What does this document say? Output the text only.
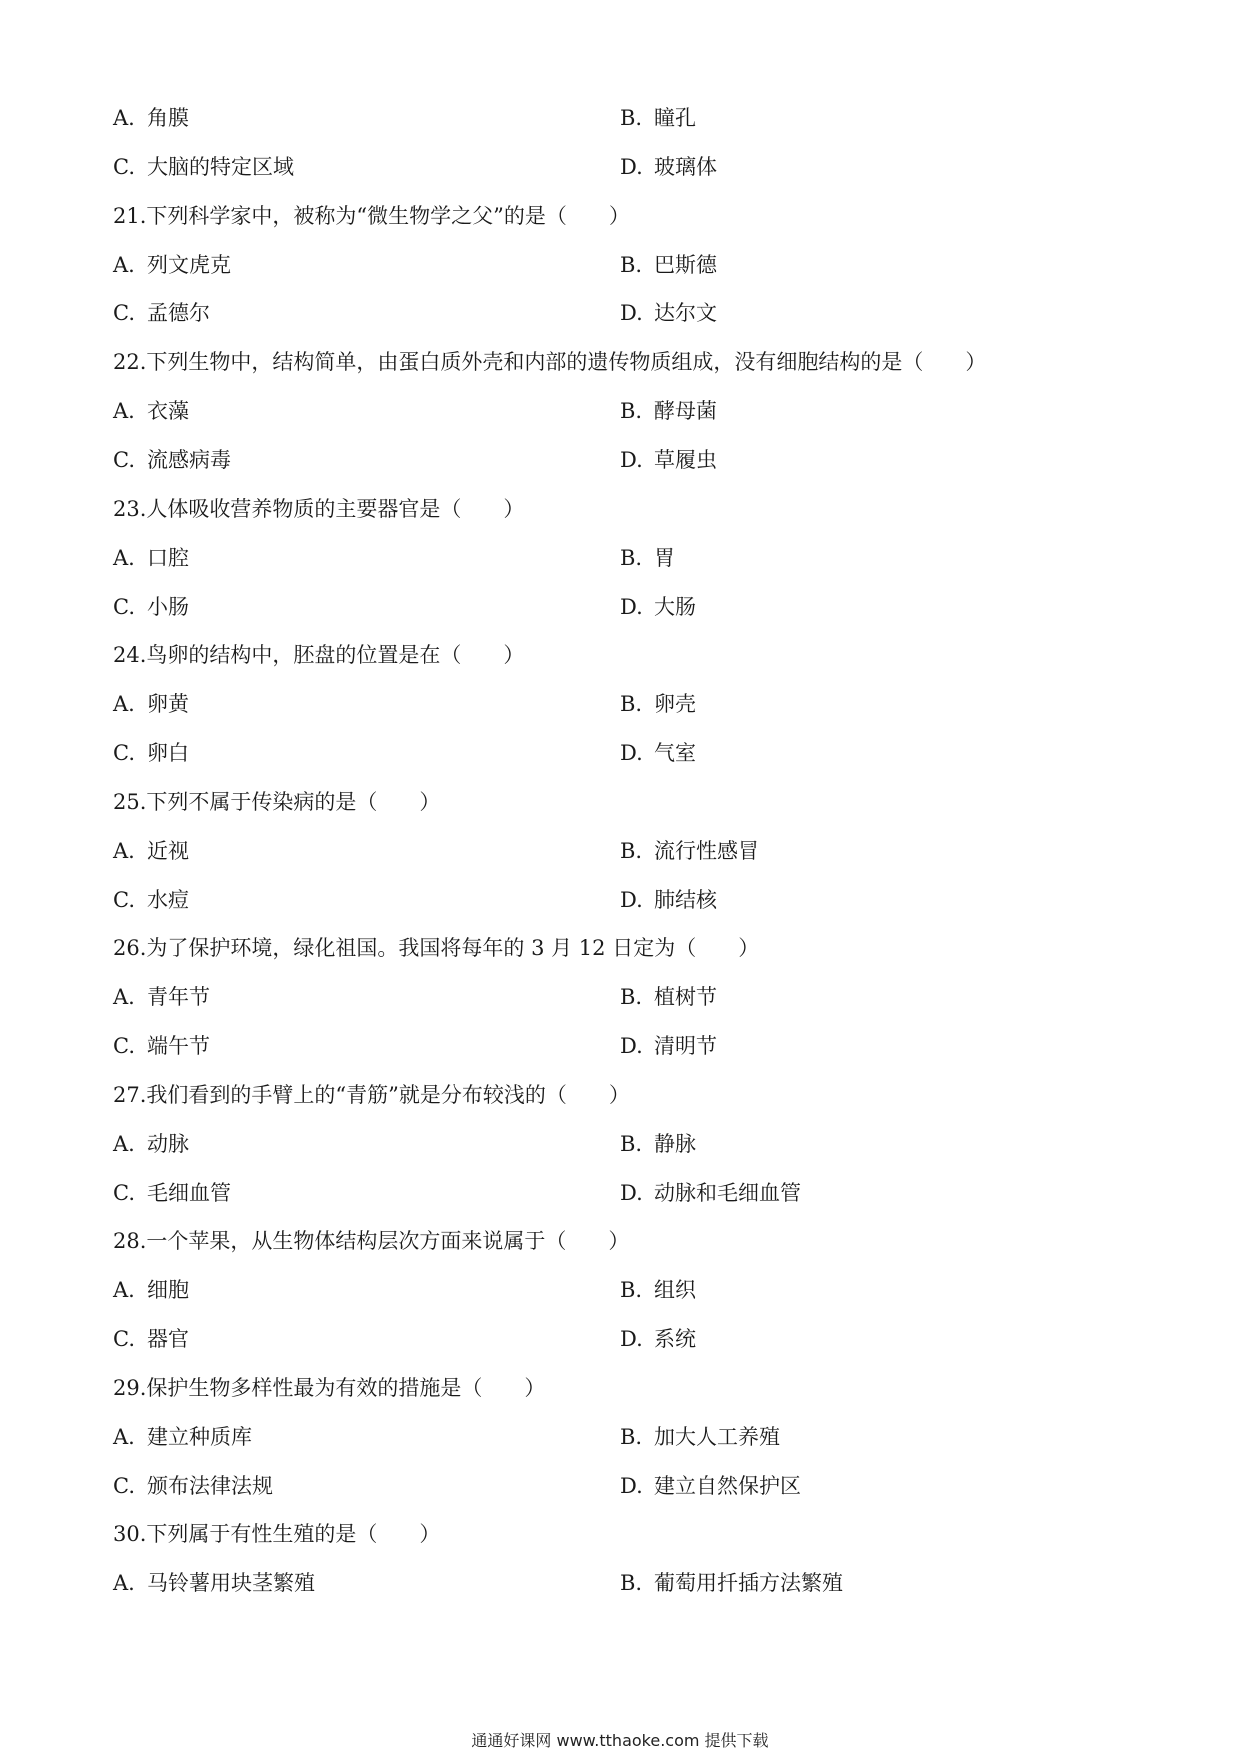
A. 角膜	B. 瞳孔
C. 大脑的特定区域	D. 玻璃体
21.下列科学家中，被称为“微生物学之父”的是（　　）
A. 列文虎克	B. 巴斯德
C. 孟德尔	D. 达尔文
22.下列生物中，结构简单，由蛋白质外壳和内部的遗传物质组成，没有细胞结构的是（　　）
A. 衣藻	B. 酵母菌
C. 流感病毒	D. 草履虫
23.人体吸收营养物质的主要器官是（　　）
A. 口腔	B. 胃
C. 小肠	D. 大肠
24.鸟卵的结构中，胚盘的位置是在（　　）
A. 卵黄	B. 卵壳
C. 卵白	D. 气室
25.下列不属于传染病的是（　　）
A. 近视	B. 流行性感冒
C. 水痘	D. 肺结核
26.为了保护环境，绿化祖国。我国将每年的 3 月 12 日定为（　　）
A. 青年节	B. 植树节
C. 端午节	D. 清明节
27.我们看到的手臂上的“青筋”就是分布较浅的（　　）
A. 动脉	B. 静脉
C. 毛细血管	D. 动脉和毛细血管
28.一个苹果，从生物体结构层次方面来说属于（　　）
A. 细胞	B. 组织
C. 器官	D. 系统
29.保护生物多样性最为有效的措施是（　　）
A. 建立种质库	B. 加大人工养殖
C. 颁布法律法规	D. 建立自然保护区
30.下列属于有性生殖的是（　　）
A. 马铃薯用块茎繁殖	B. 葡萄用扦插方法繁殖
通通好课网 www.tthaoke.com 提供下载
